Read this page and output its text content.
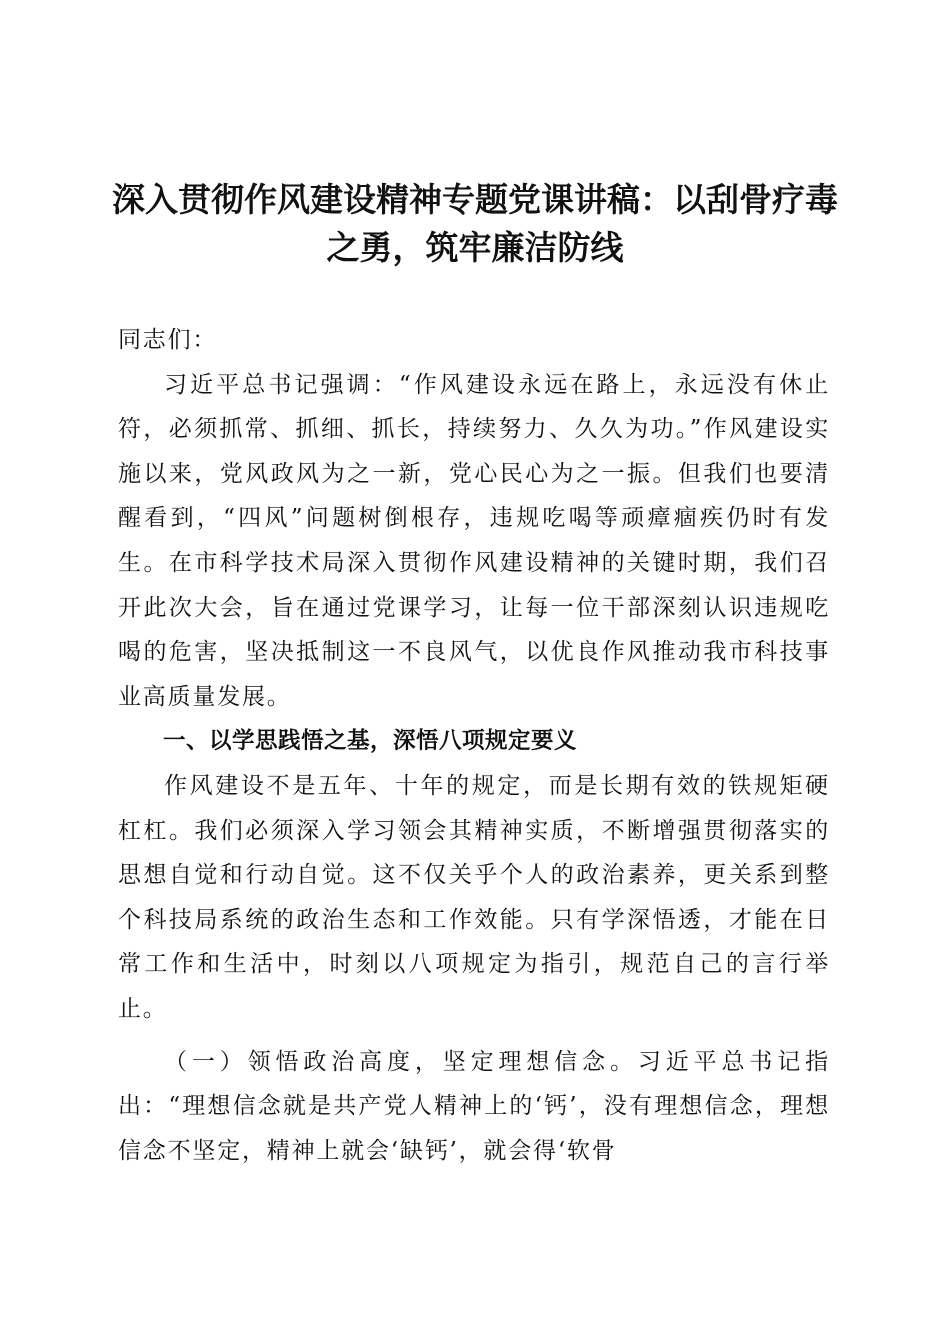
深入贯彻作风建设精神专题党课讲稿：以刮骨疗毒之勇，筑牢廉洁防线

同志们：

习近平总书记强调：“作风建设永远在路上，永远没有休止符，必须抓常、抓细、抓长，持续努力、久久为功。”作风建设实施以来，党风政风为之一新，党心民心为之一振。但我们也要清醒看到，“四风”问题树倒根存，违规吃喝等顽瘴痼疾仍时有发生。在市科学技术局深入贯彻作风建设精神的关键时期，我们召开此次大会，旨在通过党课学习，让每一位干部深刻认识违规吃喝的危害，坚决抵制这一不良风气，以优良作风推动我市科技事业高质量发展。

一、以学思践悟之基，深悟八项规定要义

作风建设不是五年、十年的规定，而是长期有效的铁规矩硬杠杠。我们必须深入学习领会其精神实质，不断增强贯彻落实的思想自觉和行动自觉。这不仅关乎个人的政治素养，更关系到整个科技局系统的政治生态和工作效能。只有学深悟透，才能在日常工作和生活中，时刻以八项规定为指引，规范自己的言行举止。

（一）领悟政治高度，坚定理想信念。习近平总书记指出：“理想信念就是共产党人精神上的‘钙’，没有理想信念，理想信念不坚定，精神上就会‘缺钙’，就会得‘软骨
